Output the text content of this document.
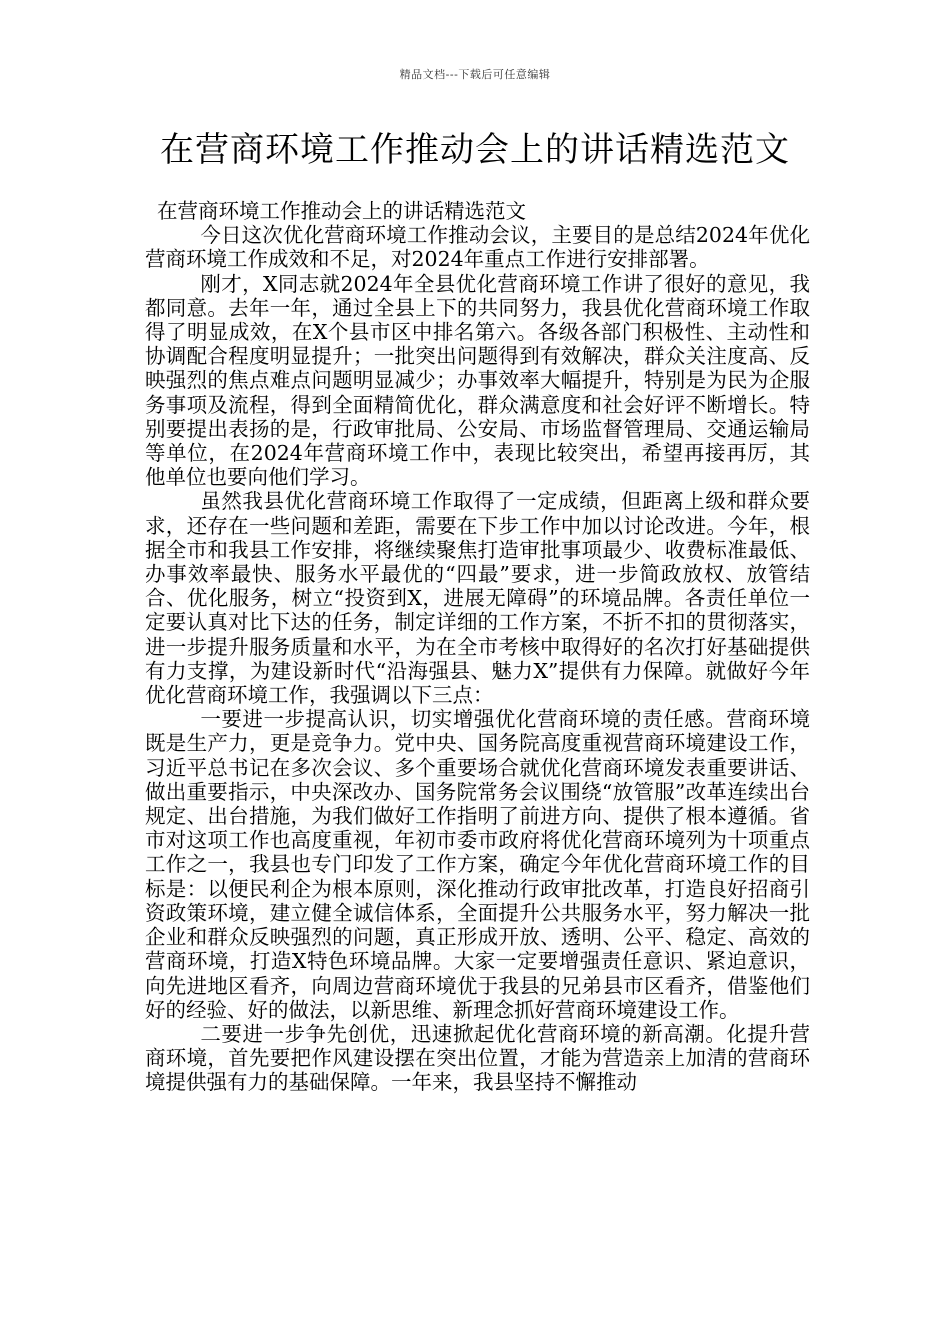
精品文档---下载后可任意编辑
在营商环境工作推动会上的讲话精选范文

在营商环境工作推动会上的讲话精选范文

今日这次优化营商环境工作推动会议，主要目的是总结2024年优化营商环境工作成效和不足，对2024年重点工作进行安排部署。

刚才，X同志就2024年全县优化营商环境工作讲了很好的意见，我都同意。去年一年，通过全县上下的共同努力，我县优化营商环境工作取得了明显成效，在X个县市区中排名第六。各级各部门积极性、主动性和协调配合程度明显提升；一批突出问题得到有效解决，群众关注度高、反映强烈的焦点难点问题明显减少；办事效率大幅提升，特别是为民为企服务事项及流程，得到全面精简优化，群众满意度和社会好评不断增长。特别要提出表扬的是，行政审批局、公安局、市场监督管理局、交通运输局等单位，在2024年营商环境工作中，表现比较突出，希望再接再厉，其他单位也要向他们学习。

虽然我县优化营商环境工作取得了一定成绩，但距离上级和群众要求，还存在一些问题和差距，需要在下步工作中加以讨论改进。今年，根据全市和我县工作安排，将继续聚焦打造审批事项最少、收费标准最低、办事效率最快、服务水平最优的“四最”要求，进一步简政放权、放管结合、优化服务，树立“投资到X，进展无障碍”的环境品牌。各责任单位一定要认真对比下达的任务，制定详细的工作方案，不折不扣的贯彻落实，进一步提升服务质量和水平，为在全市考核中取得好的名次打好基础提供有力支撑，为建设新时代“沿海强县、魅力X”提供有力保障。就做好今年优化营商环境工作，我强调以下三点：

一要进一步提高认识，切实增强优化营商环境的责任感。营商环境既是生产力，更是竞争力。党中央、国务院高度重视营商环境建设工作，习近平总书记在多次会议、多个重要场合就优化营商环境发表重要讲话、做出重要指示，中央深改办、国务院常务会议围绕“放管服”改革连续出台规定、出台措施，为我们做好工作指明了前进方向、提供了根本遵循。省市对这项工作也高度重视，年初市委市政府将优化营商环境列为十项重点工作之一，我县也专门印发了工作方案，确定今年优化营商环境工作的目标是：以便民利企为根本原则，深化推动行政审批改革，打造良好招商引资政策环境，建立健全诚信体系，全面提升公共服务水平，努力解决一批企业和群众反映强烈的问题，真正形成开放、透明、公平、稳定、高效的营商环境，打造X特色环境品牌。大家一定要增强责任意识、紧迫意识，向先进地区看齐，向周边营商环境优于我县的兄弟县市区看齐，借鉴他们好的经验、好的做法，以新思维、新理念抓好营商环境建设工作。

二要进一步争先创优，迅速掀起优化营商环境的新高潮。化提升营商环境，首先要把作风建设摆在突出位置，才能为营造亲上加清的营商环境提供强有力的基础保障。一年来，我县坚持不懈推动
